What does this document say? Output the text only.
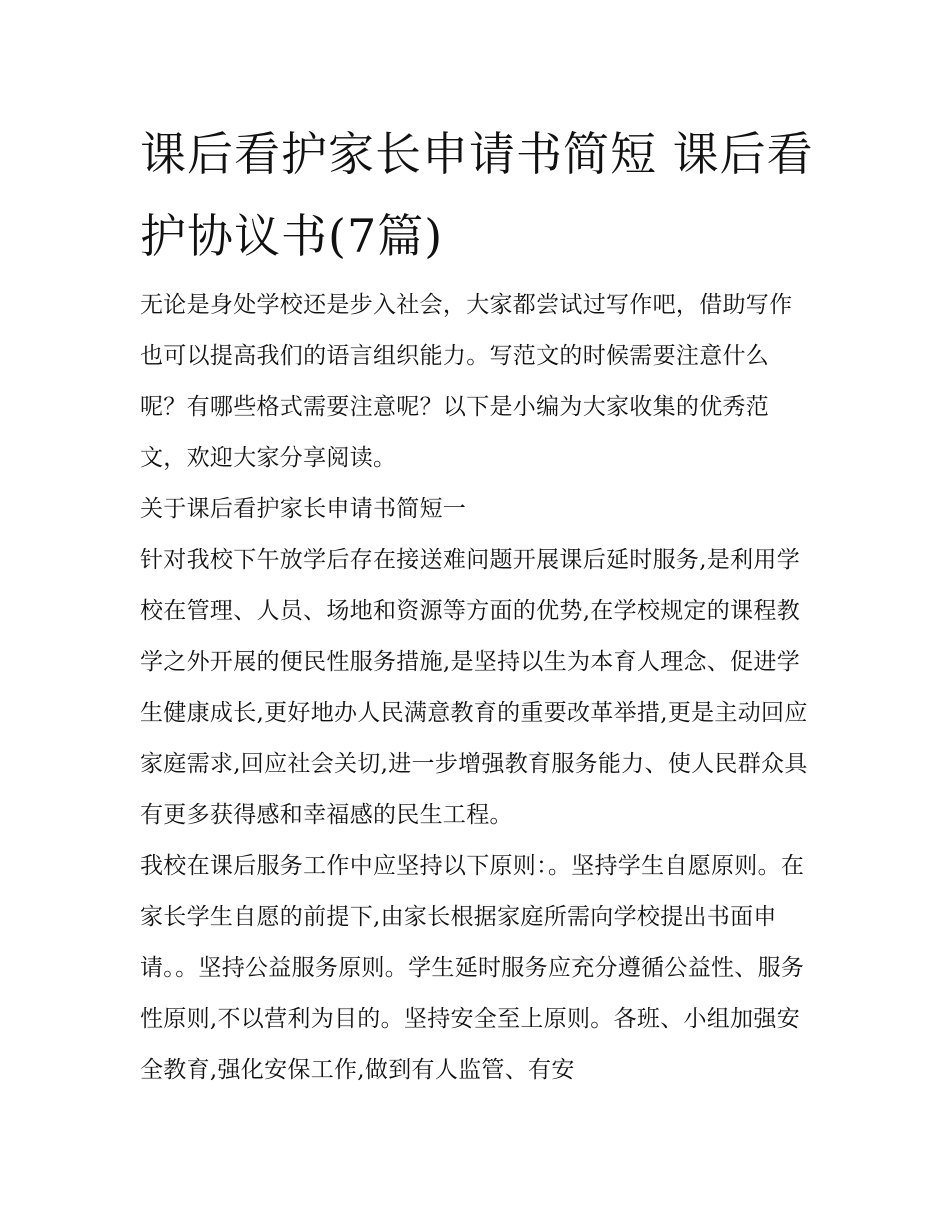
课后看护家长申请书简短 课后看护协议书(7篇)

无论是身处学校还是步入社会，大家都尝试过写作吧，借助写作也可以提高我们的语言组织能力。写范文的时候需要注意什么呢？有哪些格式需要注意呢？以下是小编为大家收集的优秀范文，欢迎大家分享阅读。

关于课后看护家长申请书简短一

针对我校下午放学后存在接送难问题开展课后延时服务,是利用学校在管理、人员、场地和资源等方面的优势,在学校规定的课程教学之外开展的便民性服务措施,是坚持以生为本育人理念、促进学生健康成长,更好地办人民满意教育的重要改革举措,更是主动回应家庭需求,回应社会关切,进一步增强教育服务能力、使人民群众具有更多获得感和幸福感的民生工程。

我校在课后服务工作中应坚持以下原则：。坚持学生自愿原则。在家长学生自愿的前提下,由家长根据家庭所需向学校提出书面申请。。坚持公益服务原则。学生延时服务应充分遵循公益性、服务性原则,不以营利为目的。坚持安全至上原则。各班、小组加强安全教育,强化安保工作,做到有人监管、有安
